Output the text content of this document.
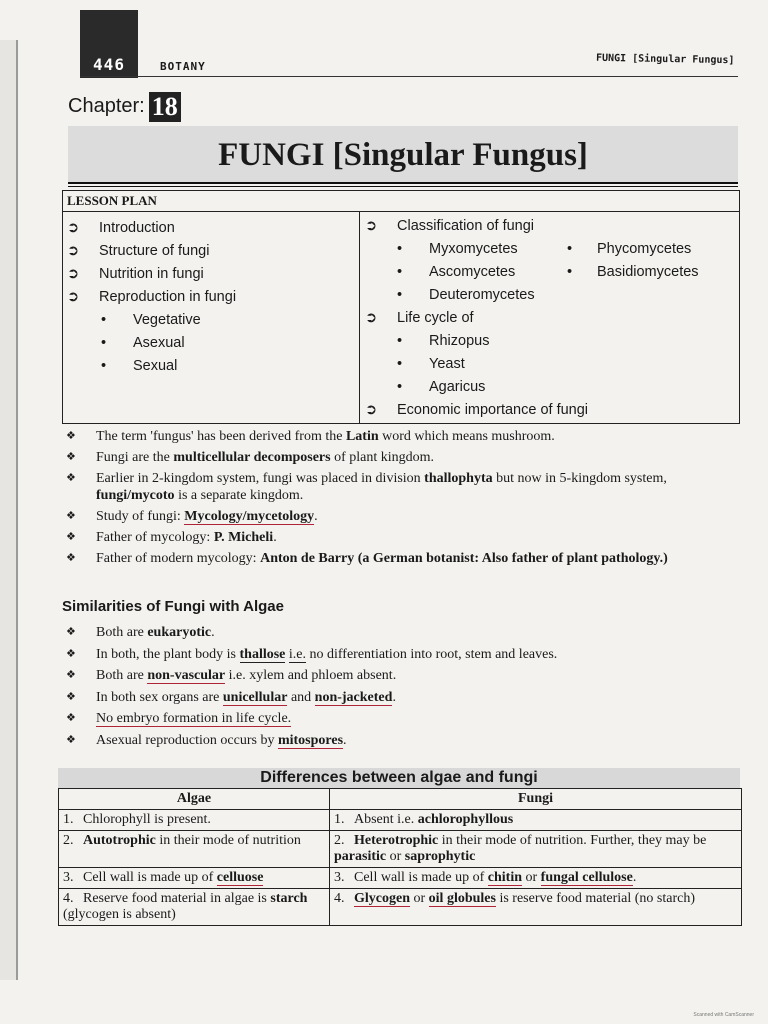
446	BOTANY
FUNGI [Singular Fungus]
Chapter: 18
FUNGI [Singular Fungus]
LESSON PLAN
➲ Introduction
➲ Structure of fungi
➲ Nutrition in fungi
➲ Reproduction in fungi
• Vegetative
• Asexual
• Sexual
➲ Classification of fungi
• Myxomycetes	• Phycomycetes
• Ascomycetes	• Basidiomycetes
• Deuteromycetes
➲ Life cycle of
• Rhizopus
• Yeast
• Agaricus
➲ Economic importance of fungi
❖ The term 'fungus' has been derived from the Latin word which means mushroom.
❖ Fungi are the multicellular decomposers of plant kingdom.
❖ Earlier in 2-kingdom system, fungi was placed in division thallophyta but now in 5-kingdom system, fungi/mycoto is a separate kingdom.
❖ Study of fungi: Mycology/mycetology.
❖ Father of mycology: P. Micheli.
❖ Father of modern mycology: Anton de Barry (a German botanist: Also father of plant pathology.)
Similarities of Fungi with Algae
❖ Both are eukaryotic.
❖ In both, the plant body is thallose i.e. no differentiation into root, stem and leaves.
❖ Both are non-vascular i.e. xylem and phloem absent.
❖ In both sex organs are unicellular and non-jacketed.
❖ No embryo formation in life cycle.
❖ Asexual reproduction occurs by mitospores.
Differences between algae and fungi
Algae	Fungi
1. Chlorophyll is present.	1. Absent i.e. achlorophyllous
2. Autotrophic in their mode of nutrition	2. Heterotrophic in their mode of nutrition. Further, they may be parasitic or saprophytic
3. Cell wall is made up of celluose	3. Cell wall is made up of chitin or fungal cellulose.
4. Reserve food material in algae is starch (glycogen is absent)	4. Glycogen or oil globules is reserve food material (no starch)
Scanned with CamScanner
